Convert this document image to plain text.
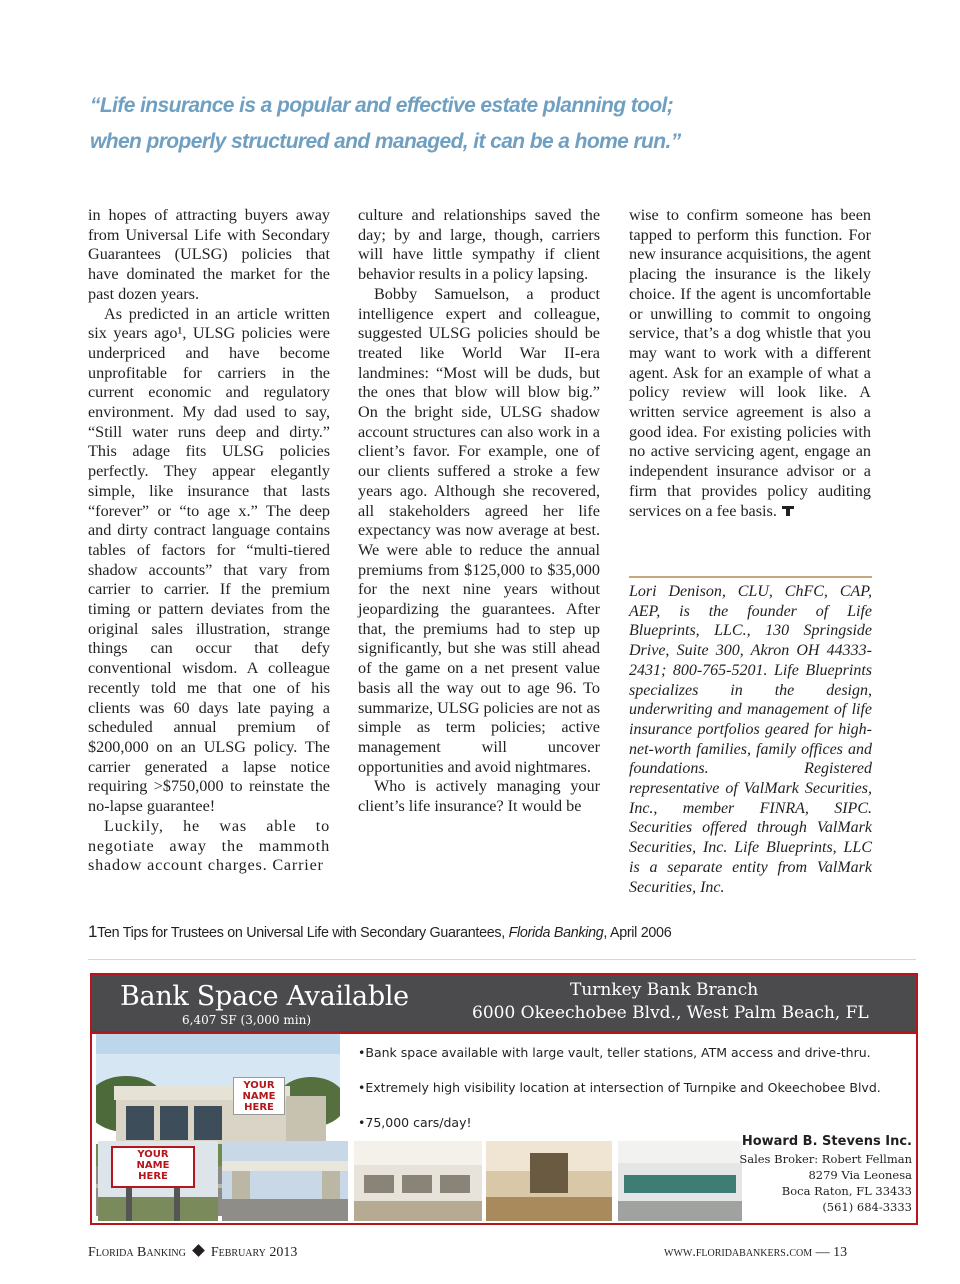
“Life insurance is a popular and effective estate planning tool;
when properly structured and managed, it can be a home run.”

in hopes of attracting buyers away from Universal Life with Secondary Guarantees (ULSG) policies that have dominated the market for the past dozen years.

As predicted in an article written six years ago¹, ULSG policies were underpriced and have become unprofitable for carriers in the current economic and regulatory environment. My dad used to say, “Still water runs deep and dirty.” This adage fits ULSG policies perfectly. They appear elegantly simple, like insurance that lasts “forever” or “to age x.” The deep and dirty contract language contains tables of factors for “multi-tiered shadow accounts” that vary from carrier to carrier. If the premium timing or pattern deviates from the original sales illustration, strange things can occur that defy conventional wisdom. A colleague recently told me that one of his clients was 60 days late paying a scheduled annual premium of $200,000 on an ULSG policy. The carrier generated a lapse notice requiring >$750,000 to reinstate the no-lapse guarantee!

Luckily, he was able to negotiate away the mammoth shadow account charges. Carrier

culture and relationships saved the day; by and large, though, carriers will have little sympathy if client behavior results in a policy lapsing.

Bobby Samuelson, a product intelligence expert and colleague, suggested ULSG policies should be treated like World War II-era landmines: “Most will be duds, but the ones that blow will blow big.” On the bright side, ULSG shadow account structures can also work in a client’s favor. For example, one of our clients suffered a stroke a few years ago. Although she recovered, all stakeholders agreed her life expectancy was now average at best. We were able to reduce the annual premiums from $125,000 to $35,000 for the next nine years without jeopardizing the guarantees. After that, the premiums had to step up significantly, but she was still ahead of the game on a net present value basis all the way out to age 96. To summarize, ULSG policies are not as simple as term policies; active management will uncover opportunities and avoid nightmares.

Who is actively managing your client’s life insurance? It would be

wise to confirm someone has been tapped to perform this function. For new insurance acquisitions, the agent placing the insurance is the likely choice. If the agent is uncomfortable or unwilling to commit to ongoing service, that’s a dog whistle that you may want to work with a different agent. Ask for an example of what a policy review will look like. A written service agreement is also a good idea. For existing policies with no active servicing agent, engage an independent insurance advisor or a firm that provides policy auditing services on a fee basis.

Lori Denison, CLU, ChFC, CAP, AEP, is the founder of Life Blueprints, LLC., 130 Springside Drive, Suite 300, Akron OH 44333-2431; 800-765-5201. Life Blueprints specializes in the design, underwriting and management of life insurance portfolios geared for high-net-worth families, family offices and foundations. Registered representative of ValMark Securities, Inc., member FINRA, SIPC. Securities offered through ValMark Securities, Inc. Life Blueprints, LLC is a separate entity from ValMark Securities, Inc.
1Ten Tips for Trustees on Universal Life with Secondary Guarantees, Florida Banking, April 2006
Bank Space Available
6,407 SF (3,000 min)
Turnkey Bank Branch
6000 Okeechobee Blvd., West Palm Beach, FL
YOUR
NAME
HERE
YOUR
NAME
HERE
•Bank space available with large vault, teller stations, ATM access and drive-thru.
•Extremely high visibility location at intersection of Turnpike and Okeechobee Blvd.
•75,000 cars/day!
Howard B. Stevens Inc.
Sales Broker: Robert Fellman
8279 Via Leonesa
Boca Raton, FL 33433
(561) 684-3333
Florida Banking February 2013	www.floridabankers.com — 13
